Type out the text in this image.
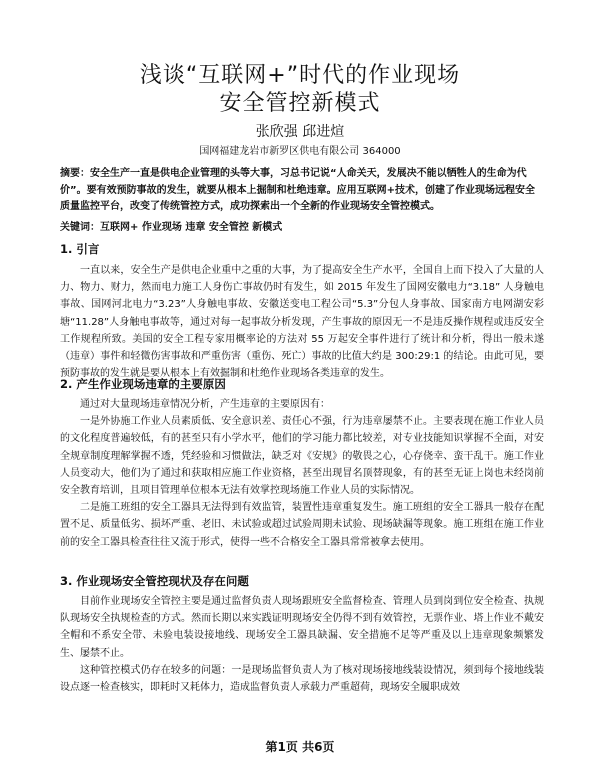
浅谈“互联网+”时代的作业现场
安全管控新模式
张欣强 邱进煊
国网福建龙岩市新罗区供电有限公司 364000

摘要：安全生产一直是供电企业管理的头等大事，习总书记说“人命关天，发展决不能以牺牲人的生命为代价”。要有效预防事故的发生，就要从根本上掘制和杜绝违章。应用互联网+技术，创建了作业现场远程安全质量监控平台，改变了传统管控方式，成功探索出一个全新的作业现场安全管控模式。

关键词：互联网+ 作业现场 违章 安全管控 新模式

1. 引言

一直以来，安全生产是供电企业重中之重的大事，为了提高安全生产水平，全国自上而下投入了大量的人力、物力、财力，然而电力施工人身伤亡事故仍时有发生，如 2015 年发生了国网安徽电力“3.18” 人身触电事故、国网河北电力“3.23”人身触电事故、安徽送变电工程公司“5.3”分包人身事故、国家南方电网湖安彩塘“11.28”人身触电事故等，通过对每一起事故分析发现，产生事故的原因无一不是违反操作规程或违反安全工作规程所致。美国的安全工程专家用概率论的方法对 55 万起安全事件进行了统计和分析，得出一般未遂（违章）事件和轻微伤害事故和严重伤害（重伤、死亡）事故的比值大约是 300:29:1 的结论。由此可见，要预防事故的发生就是要从根本上有效掘制和杜绝作业现场各类违章的发生。

2. 产生作业现场违章的主要原因

通过对大量现场违章情况分析，产生违章的主要原因有：

一是外协施工作业人员素质低、安全意识差、责任心不强，行为违章屡禁不止。主要表现在施工作业人员的文化程度普遍较低，有的甚至只有小学水平，他们的学习能力都比较差，对专业技能知识掌握不全面，对安全规章制度理解掌握不透，凭经验和习惯做法，缺乏对《安规》的敬畏之心，心存侥幸、蛮干乱干。施工作业人员变动大，他们为了通过和获取相应施工作业资格，甚至出现冒名顶替现象，有的甚至无证上岗也未经岗前安全教育培训，且项目管理单位根本无法有效掌控现场施工作业人员的实际情况。

二是施工班组的安全工器具无法得到有效监管，装置性违章重复发生。施工班组的安全工器具一般存在配置不足、质量低劣、损坏严重、老旧、未试验或超过试验周期未试验、现场缺漏等现象。施工班组在施工作业前的安全工器具检查往往又流于形式，使得一些不合格安全工器具常常被拿去使用。

3. 作业现场安全管控现状及存在问题

目前作业现场安全管控主要是通过监督负责人现场跟班安全监督检查、管理人员到岗到位安全检查、执规队现场安全执规检查的方式。然而长期以来实践证明现场安全仍得不到有效管控，无票作业、塔上作业不戴安全帽和不系安全带、未验电装设接地线、现场安全工器具缺漏、安全措施不足等严重及以上违章现象频繁发生、屡禁不止。

这种管控模式仍存在较多的问题：一是现场监督负责人为了核对现场接地线装设情况，须到每个接地线装设点逐一检查核实，即耗时又耗体力，造成监督负责人承载力严重超荷，现场安全履职成效

第1页 共6页
